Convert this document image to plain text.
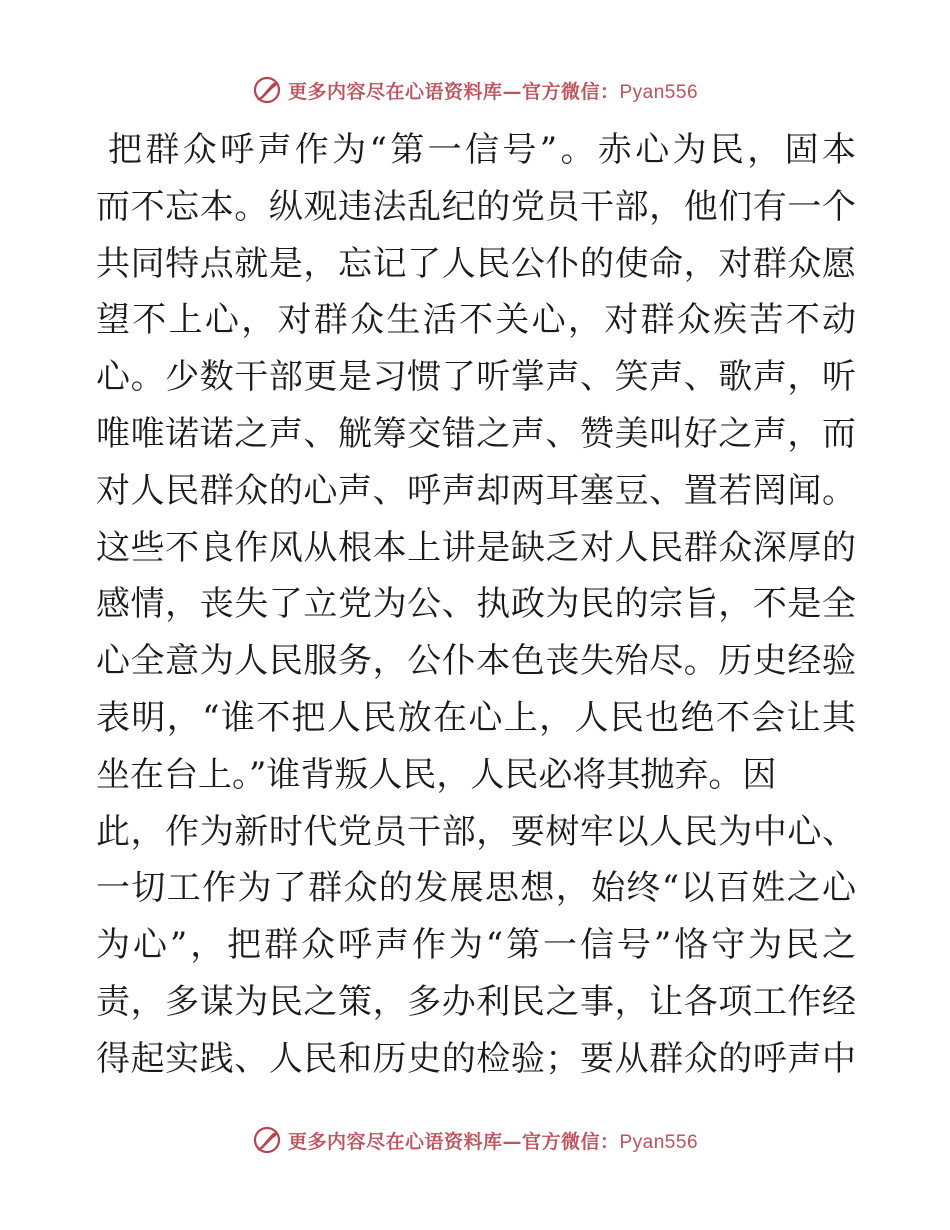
更多内容尽在心语资料库—官方微信：Pyan556
把群众呼声作为“第一信号”。赤心为民，固本
而不忘本。纵观违法乱纪的党员干部，他们有一个
共同特点就是，忘记了人民公仆的使命，对群众愿
望不上心，对群众生活不关心，对群众疾苦不动
心。少数干部更是习惯了听掌声、笑声、歌声，听
唯唯诺诺之声、觥筹交错之声、赞美叫好之声，而
对人民群众的心声、呼声却两耳塞豆、置若罔闻。
这些不良作风从根本上讲是缺乏对人民群众深厚的
感情，丧失了立党为公、执政为民的宗旨，不是全
心全意为人民服务，公仆本色丧失殆尽。历史经验
表明，“谁不把人民放在心上，人民也绝不会让其
坐在台上。”谁背叛人民，人民必将其抛弃。因
此，作为新时代党员干部，要树牢以人民为中心、
一切工作为了群众的发展思想，始终“以百姓之心
为心”，把群众呼声作为“第一信号”恪守为民之
责，多谋为民之策，多办利民之事，让各项工作经
得起实践、人民和历史的检验；要从群众的呼声中
更多内容尽在心语资料库—官方微信：Pyan556
